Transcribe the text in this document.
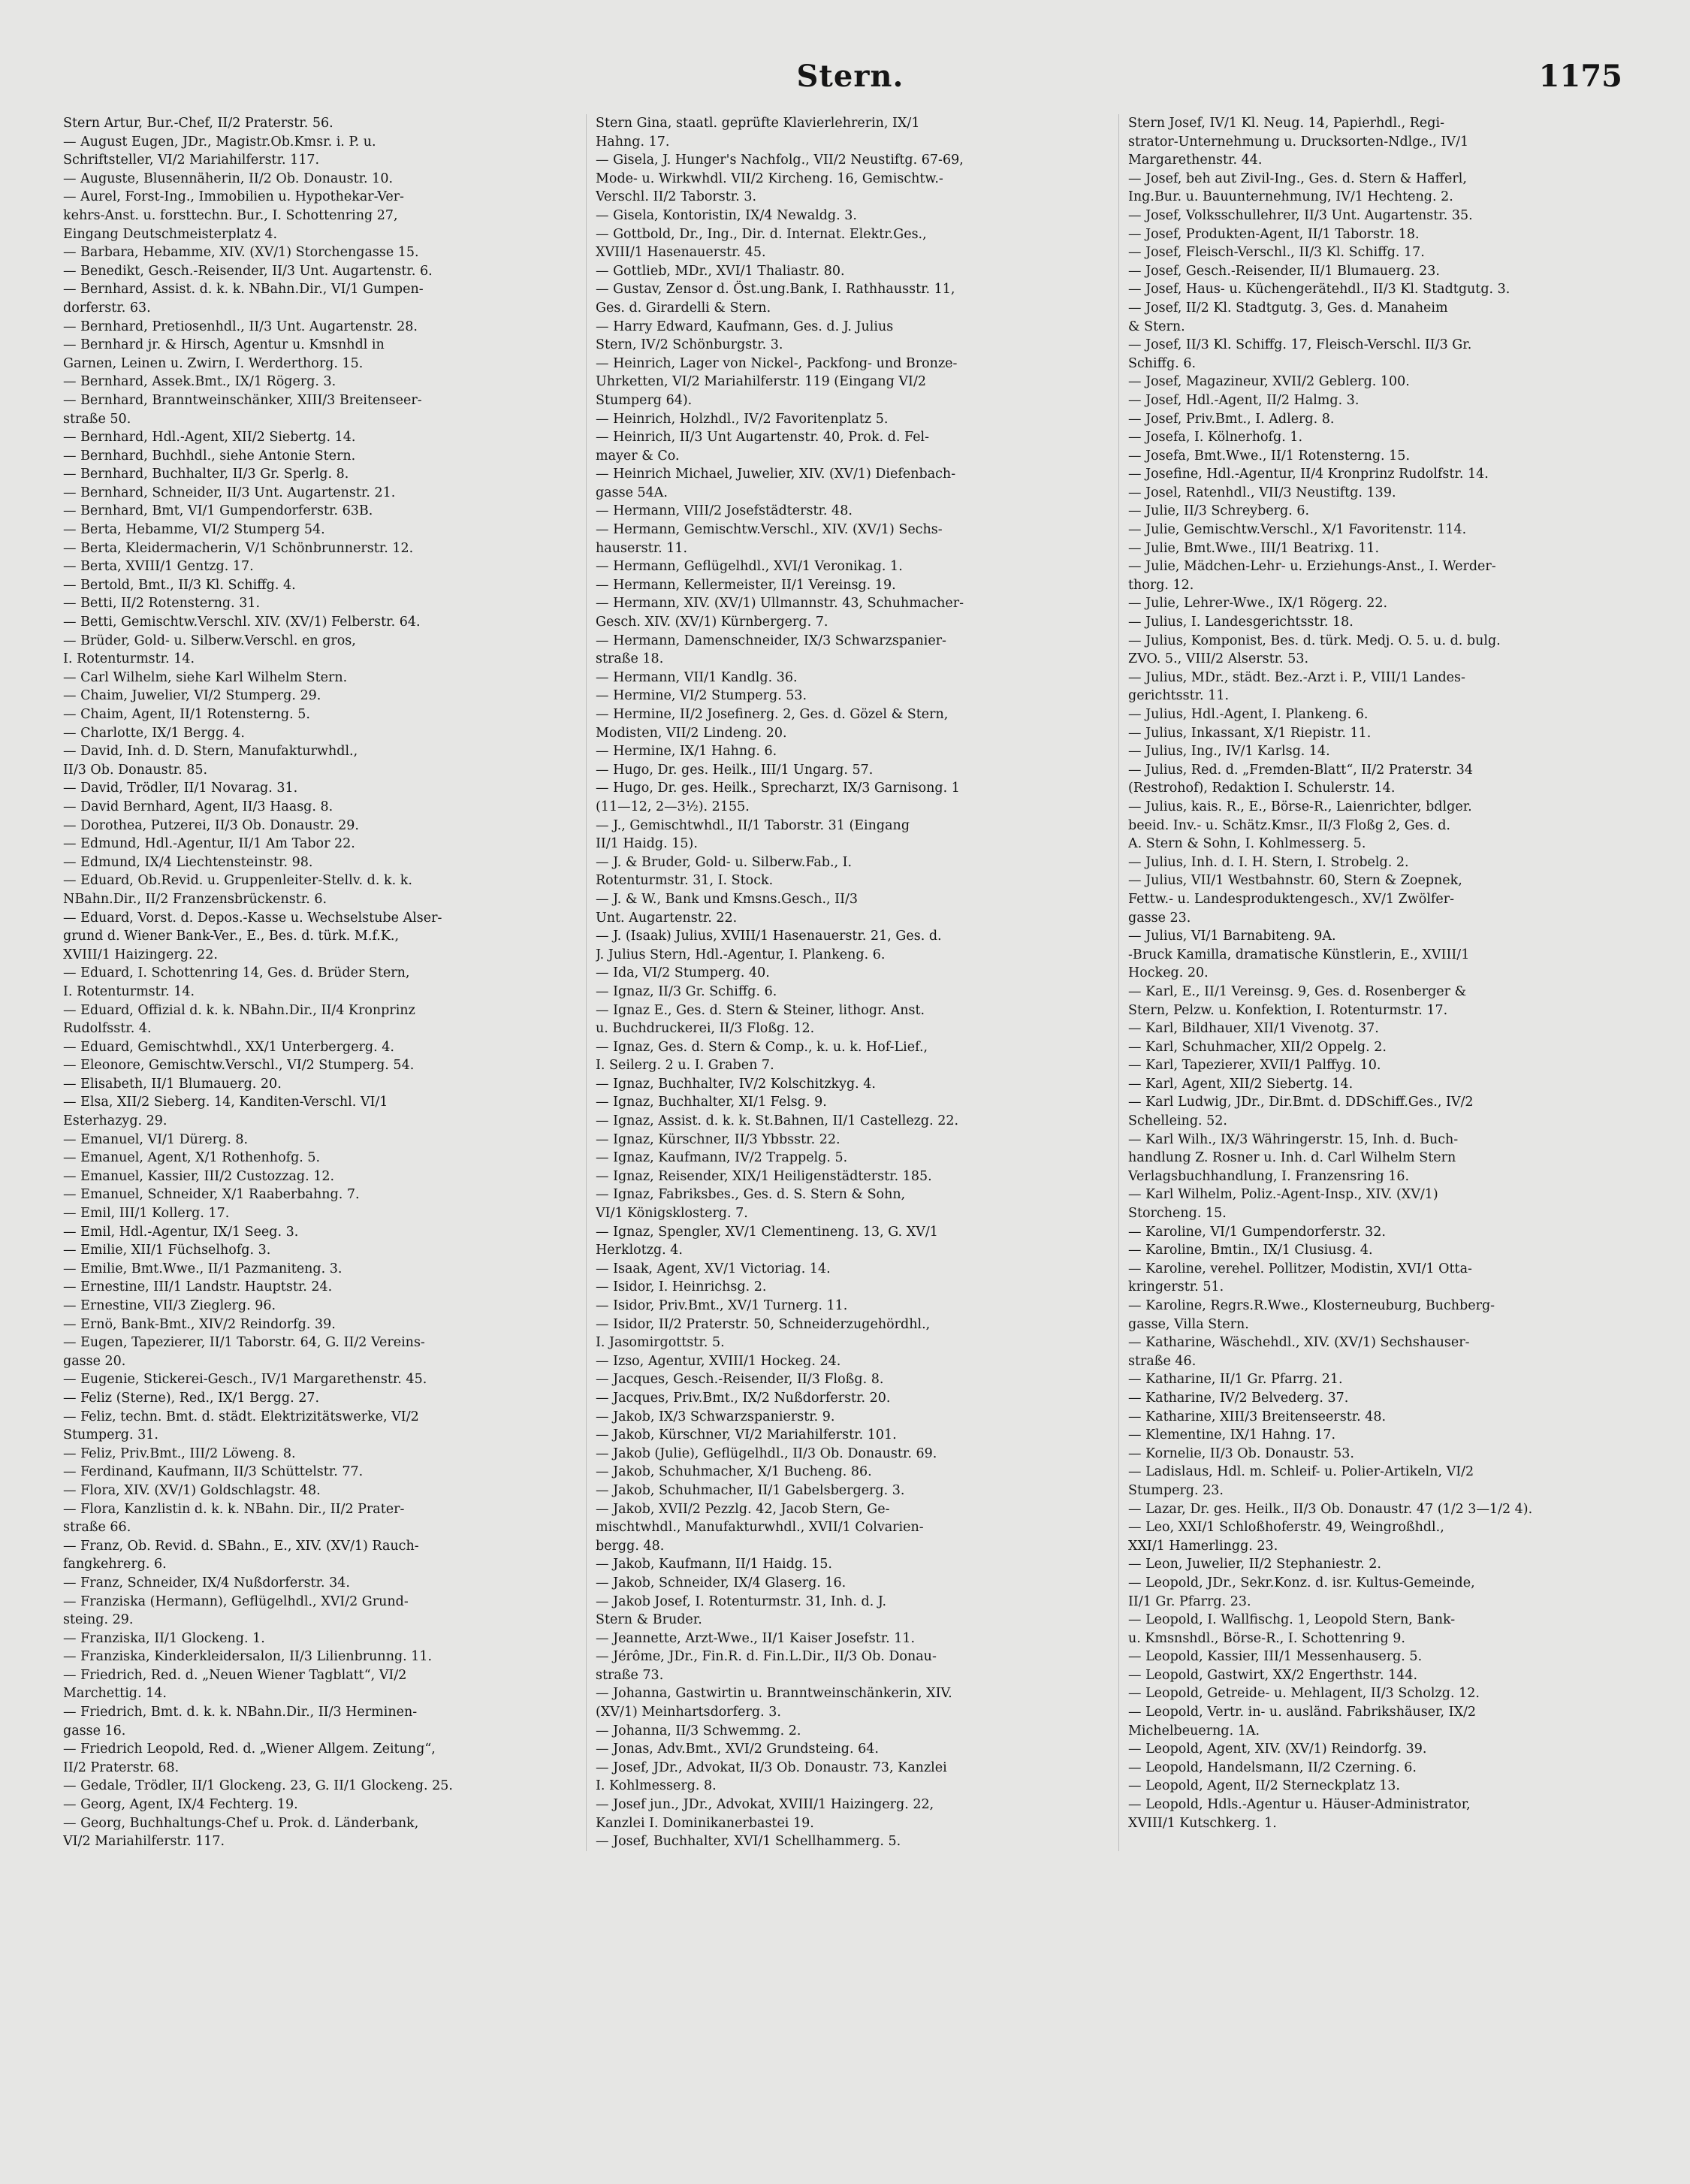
Stern.	1175
Stern Artur, Bur.-Chef, II/2 Praterstr. 56.
— August Eugen, JDr., Magistr.Ob.Kmsr. i. P. u.
Schriftsteller, VI/2 Mariahilferstr. 117.
— Auguste, Blusennäherin, II/2 Ob. Donaustr. 10.
— Aurel, Forst-Ing., Immobilien u. Hypothekar-Ver-
kehrs-Anst. u. forsttechn. Bur., I. Schottenring 27,
Eingang Deutschmeisterplatz 4.
— Barbara, Hebamme, XIV. (XV/1) Storchengasse 15.
— Benedikt, Gesch.-Reisender, II/3 Unt. Augartenstr. 6.
— Bernhard, Assist. d. k. k. NBahn.Dir., VI/1 Gumpen-
dorferstr. 63.
— Bernhard, Pretiosenhdl., II/3 Unt. Augartenstr. 28.
— Bernhard jr. & Hirsch, Agentur u. Kmsnhdl in
Garnen, Leinen u. Zwirn, I. Werderthorg. 15.
— Bernhard, Assek.Bmt., IX/1 Rögerg. 3.
— Bernhard, Branntweinschänker, XIII/3 Breitenseer-
straße 50.
— Bernhard, Hdl.-Agent, XII/2 Siebertg. 14.
— Bernhard, Buchhdl., siehe Antonie Stern.
— Bernhard, Buchhalter, II/3 Gr. Sperlg. 8.
— Bernhard, Schneider, II/3 Unt. Augartenstr. 21.
— Bernhard, Bmt, VI/1 Gumpendorferstr. 63B.
— Berta, Hebamme, VI/2 Stumperg 54.
— Berta, Kleidermacherin, V/1 Schönbrunnerstr. 12.
— Berta, XVIII/1 Gentzg. 17.
— Bertold, Bmt., II/3 Kl. Schiffg. 4.
— Betti, II/2 Rotensterng. 31.
— Betti, Gemischtw.Verschl. XIV. (XV/1) Felberstr. 64.
— Brüder, Gold- u. Silberw.Verschl. en gros,
I. Rotenturmstr. 14.
— Carl Wilhelm, siehe Karl Wilhelm Stern.
— Chaim, Juwelier, VI/2 Stumperg. 29.
— Chaim, Agent, II/1 Rotensterng. 5.
— Charlotte, IX/1 Bergg. 4.
— David, Inh. d. D. Stern, Manufakturwhdl.,
II/3 Ob. Donaustr. 85.
— David, Trödler, II/1 Novarag. 31.
— David Bernhard, Agent, II/3 Haasg. 8.
— Dorothea, Putzerei, II/3 Ob. Donaustr. 29.
— Edmund, Hdl.-Agentur, II/1 Am Tabor 22.
— Edmund, IX/4 Liechtensteinstr. 98.
— Eduard, Ob.Revid. u. Gruppenleiter-Stellv. d. k. k.
NBahn.Dir., II/2 Franzensbrückenstr. 6.
— Eduard, Vorst. d. Depos.-Kasse u. Wechselstube Alser-
grund d. Wiener Bank-Ver., E., Bes. d. türk. M.f.K.,
XVIII/1 Haizingerg. 22.
— Eduard, I. Schottenring 14, Ges. d. Brüder Stern,
I. Rotenturmstr. 14.
— Eduard, Offizial d. k. k. NBahn.Dir., II/4 Kronprinz
Rudolfsstr. 4.
— Eduard, Gemischtwhdl., XX/1 Unterbergerg. 4.
— Eleonore, Gemischtw.Verschl., VI/2 Stumperg. 54.
— Elisabeth, II/1 Blumauerg. 20.
— Elsa, XII/2 Sieberg. 14, Kanditen-Verschl. VI/1
Esterhazyg. 29.
— Emanuel, VI/1 Dürerg. 8.
— Emanuel, Agent, X/1 Rothenhofg. 5.
— Emanuel, Kassier, III/2 Custozzag. 12.
— Emanuel, Schneider, X/1 Raaberbahng. 7.
— Emil, III/1 Kollerg. 17.
— Emil, Hdl.-Agentur, IX/1 Seeg. 3.
— Emilie, XII/1 Füchselhofg. 3.
— Emilie, Bmt.Wwe., II/1 Pazmaniteng. 3.
— Ernestine, III/1 Landstr. Hauptstr. 24.
— Ernestine, VII/3 Zieglerg. 96.
— Ernö, Bank-Bmt., XIV/2 Reindorfg. 39.
— Eugen, Tapezierer, II/1 Taborstr. 64, G. II/2 Vereins-
gasse 20.
— Eugenie, Stickerei-Gesch., IV/1 Margarethenstr. 45.
— Feliz (Sterne), Red., IX/1 Bergg. 27.
— Feliz, techn. Bmt. d. städt. Elektrizitätswerke, VI/2
Stumperg. 31.
— Feliz, Priv.Bmt., III/2 Löweng. 8.
— Ferdinand, Kaufmann, II/3 Schüttelstr. 77.
— Flora, XIV. (XV/1) Goldschlagstr. 48.
— Flora, Kanzlistin d. k. k. NBahn. Dir., II/2 Prater-
straße 66.
— Franz, Ob. Revid. d. SBahn., E., XIV. (XV/1) Rauch-
fangkehrerg. 6.
— Franz, Schneider, IX/4 Nußdorferstr. 34.
— Franziska (Hermann), Geflügelhdl., XVI/2 Grund-
steing. 29.
— Franziska, II/1 Glockeng. 1.
— Franziska, Kinderkleidersalon, II/3 Lilienbrunng. 11.
— Friedrich, Red. d. „Neuen Wiener Tagblatt“, VI/2
Marchettig. 14.
— Friedrich, Bmt. d. k. k. NBahn.Dir., II/3 Herminen-
gasse 16.
— Friedrich Leopold, Red. d. „Wiener Allgem. Zeitung“,
II/2 Praterstr. 68.
— Gedale, Trödler, II/1 Glockeng. 23, G. II/1 Glockeng. 25.
— Georg, Agent, IX/4 Fechterg. 19.
— Georg, Buchhaltungs-Chef u. Prok. d. Länderbank,
VI/2 Mariahilferstr. 117.
Stern Gina, staatl. geprüfte Klavierlehrerin, IX/1
Hahng. 17.
— Gisela, J. Hunger's Nachfolg., VII/2 Neustiftg. 67-69,
Mode- u. Wirkwhdl. VII/2 Kircheng. 16, Gemischtw.-
Verschl. II/2 Taborstr. 3.
— Gisela, Kontoristin, IX/4 Newaldg. 3.
— Gottbold, Dr., Ing., Dir. d. Internat. Elektr.Ges.,
XVIII/1 Hasenauerstr. 45.
— Gottlieb, MDr., XVI/1 Thaliastr. 80.
— Gustav, Zensor d. Öst.ung.Bank, I. Rathhausstr. 11,
Ges. d. Girardelli & Stern.
— Harry Edward, Kaufmann, Ges. d. J. Julius
Stern, IV/2 Schönburgstr. 3.
— Heinrich, Lager von Nickel-, Packfong- und Bronze-
Uhrketten, VI/2 Mariahilferstr. 119 (Eingang VI/2
Stumperg 64).
— Heinrich, Holzhdl., IV/2 Favoritenplatz 5.
— Heinrich, II/3 Unt Augartenstr. 40, Prok. d. Fel-
mayer & Co.
— Heinrich Michael, Juwelier, XIV. (XV/1) Diefenbach-
gasse 54A.
— Hermann, VIII/2 Josefstädterstr. 48.
— Hermann, Gemischtw.Verschl., XIV. (XV/1) Sechs-
hauserstr. 11.
— Hermann, Geflügelhdl., XVI/1 Veronikag. 1.
— Hermann, Kellermeister, II/1 Vereinsg. 19.
— Hermann, XIV. (XV/1) Ullmannstr. 43, Schuhmacher-
Gesch. XIV. (XV/1) Kürnbergerg. 7.
— Hermann, Damenschneider, IX/3 Schwarzspanier-
straße 18.
— Hermann, VII/1 Kandlg. 36.
— Hermine, VI/2 Stumperg. 53.
— Hermine, II/2 Josefinerg. 2, Ges. d. Gözel & Stern,
Modisten, VII/2 Lindeng. 20.
— Hermine, IX/1 Hahng. 6.
— Hugo, Dr. ges. Heilk., III/1 Ungarg. 57.
— Hugo, Dr. ges. Heilk., Sprecharzt, IX/3 Garnisong. 1
(11—12, 2—3½). 2155.
— J., Gemischtwhdl., II/1 Taborstr. 31 (Eingang
II/1 Haidg. 15).
— J. & Bruder, Gold- u. Silberw.Fab., I.
Rotenturmstr. 31, I. Stock.
— J. & W., Bank und Kmsns.Gesch., II/3
Unt. Augartenstr. 22.
— J. (Isaak) Julius, XVIII/1 Hasenauerstr. 21, Ges. d.
J. Julius Stern, Hdl.-Agentur, I. Plankeng. 6.
— Ida, VI/2 Stumperg. 40.
— Ignaz, II/3 Gr. Schiffg. 6.
— Ignaz E., Ges. d. Stern & Steiner, lithogr. Anst.
u. Buchdruckerei, II/3 Floßg. 12.
— Ignaz, Ges. d. Stern & Comp., k. u. k. Hof-Lief.,
I. Seilerg. 2 u. I. Graben 7.
— Ignaz, Buchhalter, IV/2 Kolschitzkyg. 4.
— Ignaz, Buchhalter, XI/1 Felsg. 9.
— Ignaz, Assist. d. k. k. St.Bahnen, II/1 Castellezg. 22.
— Ignaz, Kürschner, II/3 Ybbsstr. 22.
— Ignaz, Kaufmann, IV/2 Trappelg. 5.
— Ignaz, Reisender, XIX/1 Heiligenstädterstr. 185.
— Ignaz, Fabriksbes., Ges. d. S. Stern & Sohn,
VI/1 Königsklosterg. 7.
— Ignaz, Spengler, XV/1 Clementineng. 13, G. XV/1
Herklotzg. 4.
— Isaak, Agent, XV/1 Victoriag. 14.
— Isidor, I. Heinrichsg. 2.
— Isidor, Priv.Bmt., XV/1 Turnerg. 11.
— Isidor, II/2 Praterstr. 50, Schneiderzugehördhl.,
I. Jasomirgottstr. 5.
— Izso, Agentur, XVIII/1 Hockeg. 24.
— Jacques, Gesch.-Reisender, II/3 Floßg. 8.
— Jacques, Priv.Bmt., IX/2 Nußdorferstr. 20.
— Jakob, IX/3 Schwarzspanierstr. 9.
— Jakob, Kürschner, VI/2 Mariahilferstr. 101.
— Jakob (Julie), Geflügelhdl., II/3 Ob. Donaustr. 69.
— Jakob, Schuhmacher, X/1 Bucheng. 86.
— Jakob, Schuhmacher, II/1 Gabelsbergerg. 3.
— Jakob, XVII/2 Pezzlg. 42, Jacob Stern, Ge-
mischtwhdl., Manufakturwhdl., XVII/1 Colvarien-
bergg. 48.
— Jakob, Kaufmann, II/1 Haidg. 15.
— Jakob, Schneider, IX/4 Glaserg. 16.
— Jakob Josef, I. Rotenturmstr. 31, Inh. d. J.
Stern & Bruder.
— Jeannette, Arzt-Wwe., II/1 Kaiser Josefstr. 11.
— Jérôme, JDr., Fin.R. d. Fin.L.Dir., II/3 Ob. Donau-
straße 73.
— Johanna, Gastwirtin u. Branntweinschänkerin, XIV.
(XV/1) Meinhartsdorferg. 3.
— Johanna, II/3 Schwemmg. 2.
— Jonas, Adv.Bmt., XVI/2 Grundsteing. 64.
— Josef, JDr., Advokat, II/3 Ob. Donaustr. 73, Kanzlei
I. Kohlmesserg. 8.
— Josef jun., JDr., Advokat, XVIII/1 Haizingerg. 22,
Kanzlei I. Dominikanerbastei 19.
— Josef, Buchhalter, XVI/1 Schellhammerg. 5.
Stern Josef, IV/1 Kl. Neug. 14, Papierhdl., Regi-
strator-Unternehmung u. Drucksorten-Ndlge., IV/1
Margarethenstr. 44.
— Josef, beh aut Zivil-Ing., Ges. d. Stern & Hafferl,
Ing.Bur. u. Bauunternehmung, IV/1 Hechteng. 2.
— Josef, Volksschullehrer, II/3 Unt. Augartenstr. 35.
— Josef, Produkten-Agent, II/1 Taborstr. 18.
— Josef, Fleisch-Verschl., II/3 Kl. Schiffg. 17.
— Josef, Gesch.-Reisender, II/1 Blumauerg. 23.
— Josef, Haus- u. Küchengerätehdl., II/3 Kl. Stadtgutg. 3.
— Josef, II/2 Kl. Stadtgutg. 3, Ges. d. Manaheim
& Stern.
— Josef, II/3 Kl. Schiffg. 17, Fleisch-Verschl. II/3 Gr.
Schiffg. 6.
— Josef, Magazineur, XVII/2 Geblerg. 100.
— Josef, Hdl.-Agent, II/2 Halmg. 3.
— Josef, Priv.Bmt., I. Adlerg. 8.
— Josefa, I. Kölnerhofg. 1.
— Josefa, Bmt.Wwe., II/1 Rotensterng. 15.
— Josefine, Hdl.-Agentur, II/4 Kronprinz Rudolfstr. 14.
— Josel, Ratenhdl., VII/3 Neustiftg. 139.
— Julie, II/3 Schreyberg. 6.
— Julie, Gemischtw.Verschl., X/1 Favoritenstr. 114.
— Julie, Bmt.Wwe., III/1 Beatrixg. 11.
— Julie, Mädchen-Lehr- u. Erziehungs-Anst., I. Werder-
thorg. 12.
— Julie, Lehrer-Wwe., IX/1 Rögerg. 22.
— Julius, I. Landesgerichtsstr. 18.
— Julius, Komponist, Bes. d. türk. Medj. O. 5. u. d. bulg.
ZVO. 5., VIII/2 Alserstr. 53.
— Julius, MDr., städt. Bez.-Arzt i. P., VIII/1 Landes-
gerichtsstr. 11.
— Julius, Hdl.-Agent, I. Plankeng. 6.
— Julius, Inkassant, X/1 Riepistr. 11.
— Julius, Ing., IV/1 Karlsg. 14.
— Julius, Red. d. „Fremden-Blatt“, II/2 Praterstr. 34
(Restrohof), Redaktion I. Schulerstr. 14.
— Julius, kais. R., E., Börse-R., Laienrichter, bdlger.
beeid. Inv.- u. Schätz.Kmsr., II/3 Floßg 2, Ges. d.
A. Stern & Sohn, I. Kohlmesserg. 5.
— Julius, Inh. d. I. H. Stern, I. Strobelg. 2.
— Julius, VII/1 Westbahnstr. 60, Stern & Zoepnek,
Fettw.- u. Landesproduktengesch., XV/1 Zwölfer-
gasse 23.
— Julius, VI/1 Barnabiteng. 9A.
-Bruck Kamilla, dramatische Künstlerin, E., XVIII/1
Hockeg. 20.
— Karl, E., II/1 Vereinsg. 9, Ges. d. Rosenberger &
Stern, Pelzw. u. Konfektion, I. Rotenturmstr. 17.
— Karl, Bildhauer, XII/1 Vivenotg. 37.
— Karl, Schuhmacher, XII/2 Oppelg. 2.
— Karl, Tapezierer, XVII/1 Palffyg. 10.
— Karl, Agent, XII/2 Siebertg. 14.
— Karl Ludwig, JDr., Dir.Bmt. d. DDSchiff.Ges., IV/2
Schelleing. 52.
— Karl Wilh., IX/3 Währingerstr. 15, Inh. d. Buch-
handlung Z. Rosner u. Inh. d. Carl Wilhelm Stern
Verlagsbuchhandlung, I. Franzensring 16.
— Karl Wilhelm, Poliz.-Agent-Insp., XIV. (XV/1)
Storcheng. 15.
— Karoline, VI/1 Gumpendorferstr. 32.
— Karoline, Bmtin., IX/1 Clusiusg. 4.
— Karoline, verehel. Pollitzer, Modistin, XVI/1 Otta-
kringerstr. 51.
— Karoline, Regrs.R.Wwe., Klosterneuburg, Buchberg-
gasse, Villa Stern.
— Katharine, Wäschehdl., XIV. (XV/1) Sechshauser-
straße 46.
— Katharine, II/1 Gr. Pfarrg. 21.
— Katharine, IV/2 Belvederg. 37.
— Katharine, XIII/3 Breitenseerstr. 48.
— Klementine, IX/1 Hahng. 17.
— Kornelie, II/3 Ob. Donaustr. 53.
— Ladislaus, Hdl. m. Schleif- u. Polier-Artikeln, VI/2
Stumperg. 23.
— Lazar, Dr. ges. Heilk., II/3 Ob. Donaustr. 47 (1/2 3—1/2 4).
— Leo, XXI/1 Schloßhoferstr. 49, Weingroßhdl.,
XXI/1 Hamerlingg. 23.
— Leon, Juwelier, II/2 Stephaniestr. 2.
— Leopold, JDr., Sekr.Konz. d. isr. Kultus-Gemeinde,
II/1 Gr. Pfarrg. 23.
— Leopold, I. Wallfischg. 1, Leopold Stern, Bank-
u. Kmsnshdl., Börse-R., I. Schottenring 9.
— Leopold, Kassier, III/1 Messenhauserg. 5.
— Leopold, Gastwirt, XX/2 Engerthstr. 144.
— Leopold, Getreide- u. Mehlagent, II/3 Scholzg. 12.
— Leopold, Vertr. in- u. ausländ. Fabrikshäuser, IX/2
Michelbeuerng. 1A.
— Leopold, Agent, XIV. (XV/1) Reindorfg. 39.
— Leopold, Handelsmann, II/2 Czerning. 6.
— Leopold, Agent, II/2 Sterneckplatz 13.
— Leopold, Hdls.-Agentur u. Häuser-Administrator,
XVIII/1 Kutschkerg. 1.
